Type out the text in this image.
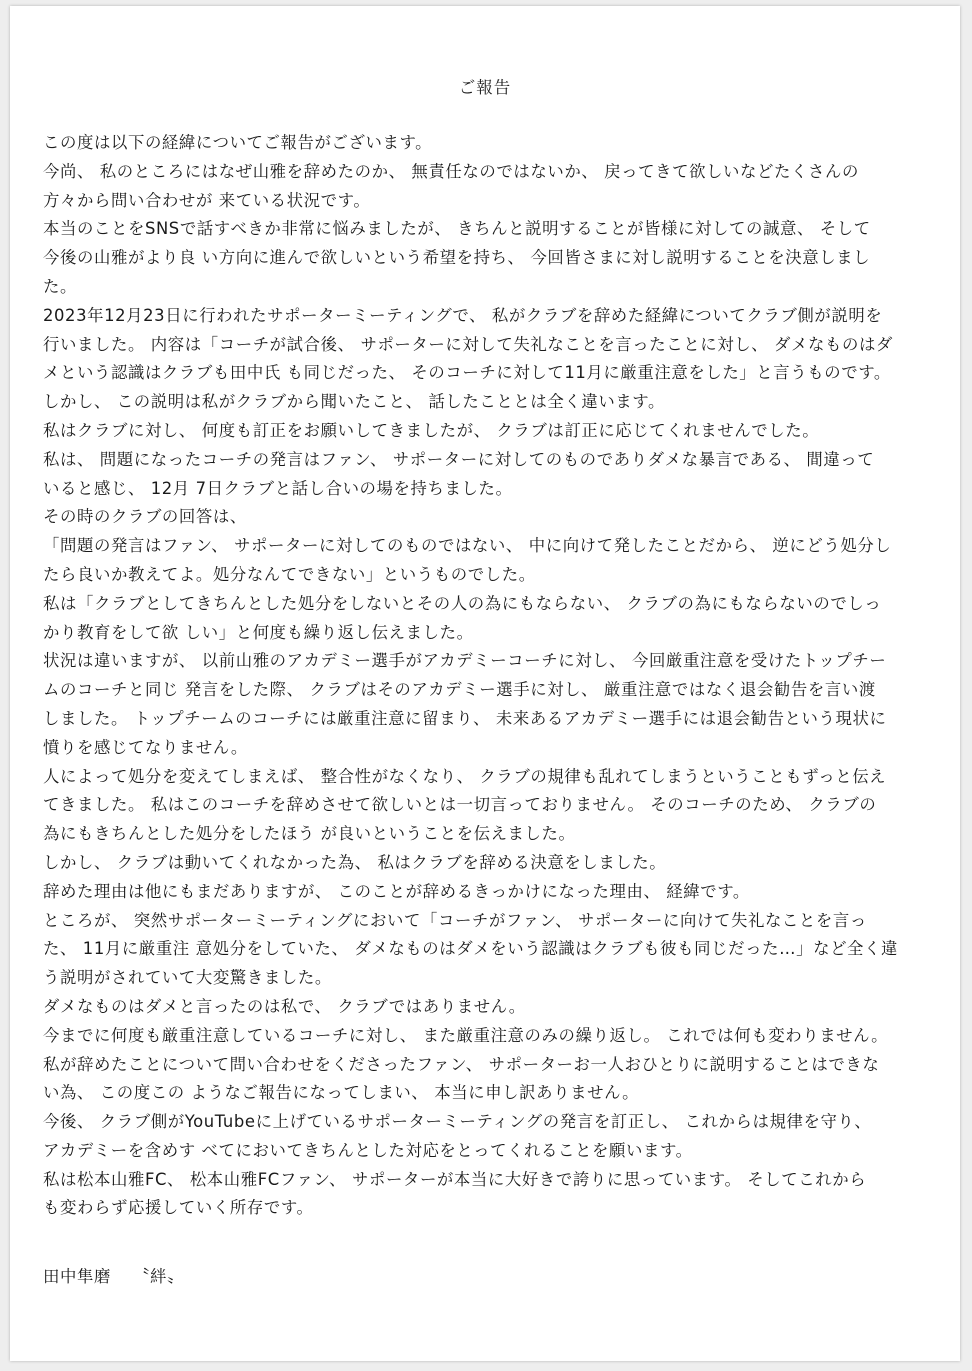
ご報告

この度は以下の経緯についてご報告がございます。

今尚、 私のところにはなぜ山雅を辞めたのか、 無責任なのではないか、 戻ってきて欲しいなどたくさんの

方々から問い合わせが 来ている状況です。

本当のことをSNSで話すべきか非常に悩みましたが、 きちんと説明することが皆様に対しての誠意、 そして

今後の山雅がより良 い方向に進んで欲しいという希望を持ち、 今回皆さまに対し説明することを決意しまし

た。

2023年12月23日に行われたサポーターミーティングで、 私がクラブを辞めた経緯についてクラブ側が説明を

行いました。 内容は「コーチが試合後、 サポーターに対して失礼なことを言ったことに対し、 ダメなものはダ

メという認識はクラブも田中氏 も同じだった、 そのコーチに対して11月に厳重注意をした」と言うものです。

しかし、 この説明は私がクラブから聞いたこと、 話したこととは全く違います。

私はクラブに対し、 何度も訂正をお願いしてきましたが、 クラブは訂正に応じてくれませんでした。

私は、 問題になったコーチの発言はファン、 サポーターに対してのものでありダメな暴言である、 間違って

いると感じ、 12月 7日クラブと話し合いの場を持ちました。

その時のクラブの回答は、

「問題の発言はファン、 サポーターに対してのものではない、 中に向けて発したことだから、 逆にどう処分し

たら良いか教えてよ。処分なんてできない」というものでした。

私は「クラブとしてきちんとした処分をしないとその人の為にもならない、 クラブの為にもならないのでしっ

かり教育をして欲 しい」と何度も繰り返し伝えました。

状況は違いますが、 以前山雅のアカデミー選手がアカデミーコーチに対し、 今回厳重注意を受けたトップチー

ムのコーチと同じ 発言をした際、 クラブはそのアカデミー選手に対し、 厳重注意ではなく退会勧告を言い渡

しました。 トップチームのコーチには厳重注意に留まり、 未来あるアカデミー選手には退会勧告という現状に

憤りを感じてなりません。

人によって処分を変えてしまえば、 整合性がなくなり、 クラブの規律も乱れてしまうということもずっと伝え

てきました。 私はこのコーチを辞めさせて欲しいとは一切言っておりません。 そのコーチのため、 クラブの

為にもきちんとした処分をしたほう が良いということを伝えました。

しかし、 クラブは動いてくれなかった為、 私はクラブを辞める決意をしました。

辞めた理由は他にもまだありますが、 このことが辞めるきっかけになった理由、 経緯です。

ところが、 突然サポーターミーティングにおいて「コーチがファン、 サポーターに向けて失礼なことを言っ

た、 11月に厳重注 意処分をしていた、 ダメなものはダメをいう認識はクラブも彼も同じだった…」など全く違

う説明がされていて大変驚きました。

ダメなものはダメと言ったのは私で、 クラブではありません。

今までに何度も厳重注意しているコーチに対し、 また厳重注意のみの繰り返し。 これでは何も変わりません。

私が辞めたことについて問い合わせをくださったファン、 サポーターお一人おひとりに説明することはできな

い為、 この度この ようなご報告になってしまい、 本当に申し訳ありません。

今後、 クラブ側がYouTubeに上げているサポーターミーティングの発言を訂正し、 これからは規律を守り、

アカデミーを含めす べてにおいてきちんとした対応をとってくれることを願います。

私は松本山雅FC、 松本山雅FCファン、 サポーターが本当に大好きで誇りに思っています。 そしてこれから

も変わらず応援していく所存です。

田中隼磨 〝絆〟
